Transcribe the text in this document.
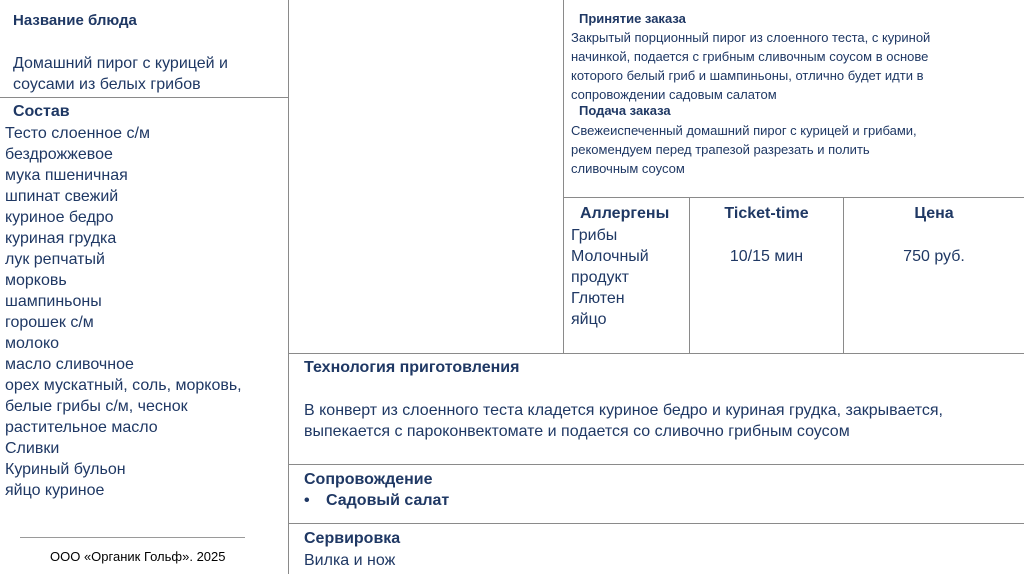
Название блюда
Домашний пирог с курицей и
соусами из белых грибов
Состав
Тесто слоенное с/м
бездрожжевое
мука пшеничная
шпинат свежий
куриное бедро
куриная грудка
лук репчатый
морковь
шампиньоны
горошек с/м
молоко
масло сливочное
орех мускатный, соль, морковь,
белые грибы с/м, чеснок
растительное масло
Сливки
Куриный бульон
яйцо куриное
ООО «Органик Гольф». 2025
Принятие заказа
Закрытый порционный пирог из слоенного теста, с куриной
начинкой, подается с грибным сливочным соусом в основе
которого белый гриб и шампиньоны, отлично будет идти в
сопровождении садовым салатом
Подача заказа
Свежеиспеченный домашний пирог с курицей и грибами,
рекомендуем перед трапезой разрезать и полить
сливочным соусом
Аллергены
Грибы
Молочный
продукт
Глютен
яйцо
Ticket-time
10/15 мин
Цена
750 руб.
Технология приготовления
В конверт из слоенного теста кладется куриное бедро и куриная грудка, закрывается,
выпекается с пароконвектомате и подается со сливочно грибным соусом
Сопровождение
• Садовый салат
Сервировка
Вилка и нож
